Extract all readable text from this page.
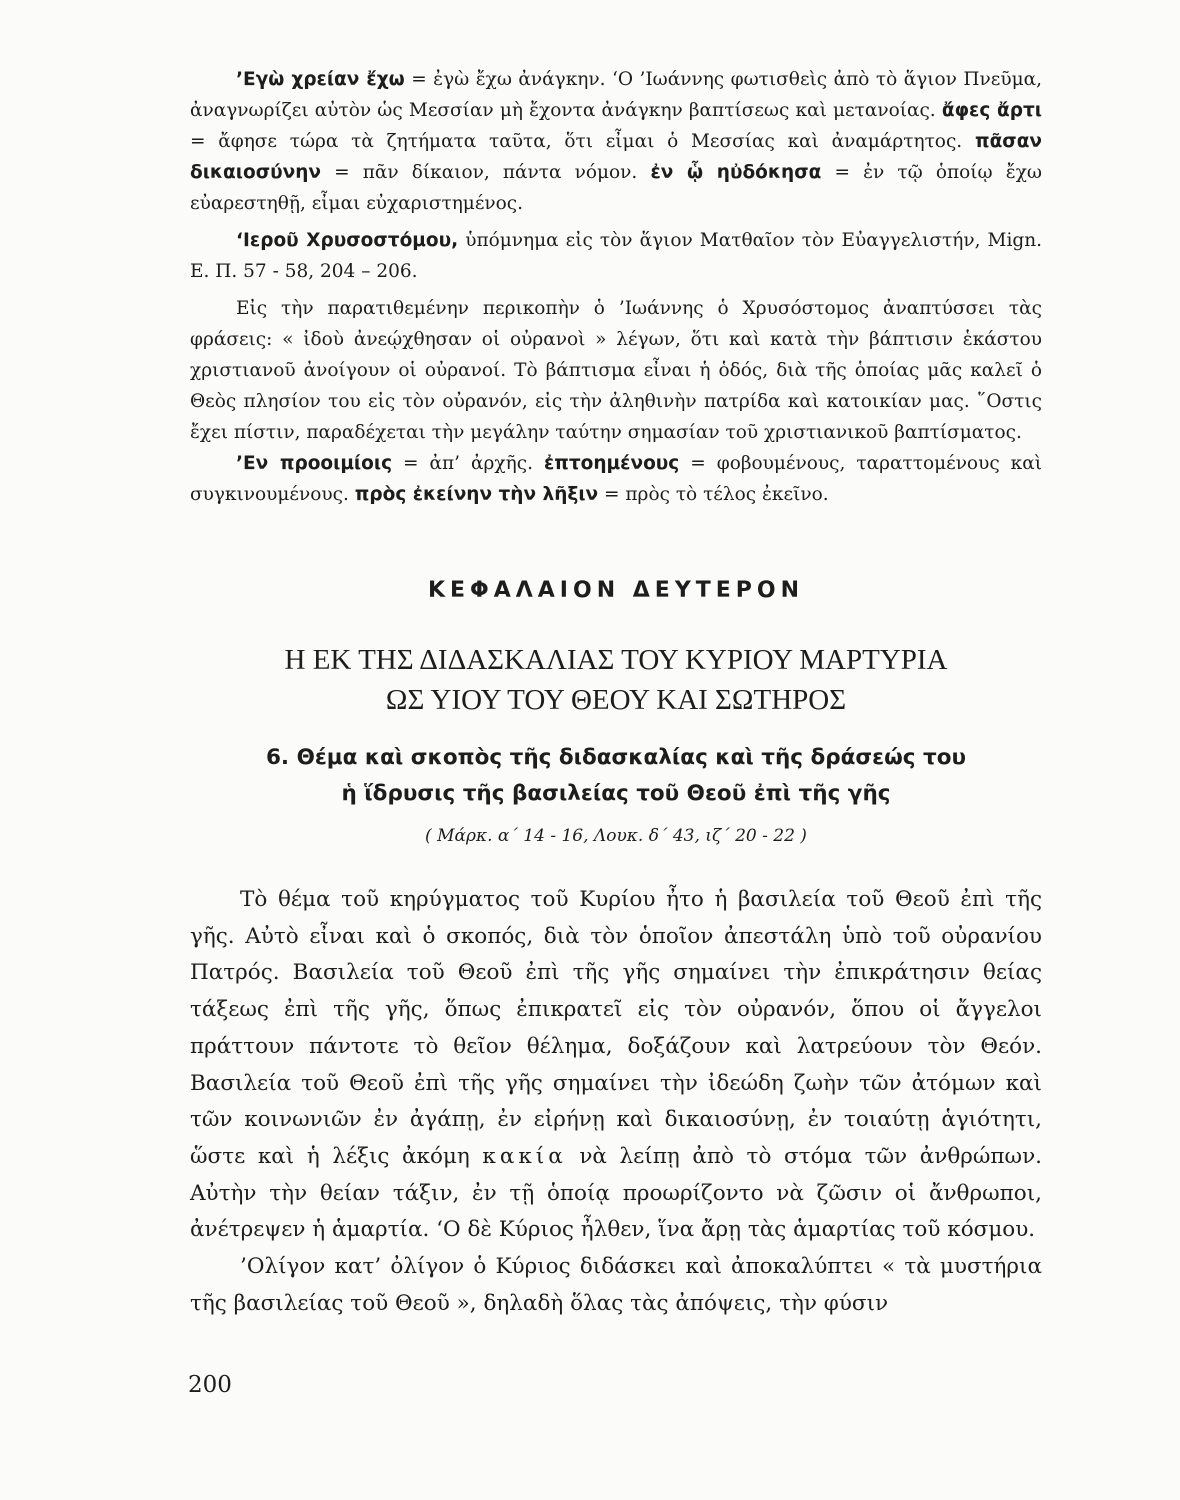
’Εγὼ χρείαν ἔχω = ἐγὼ ἔχω ἀνάγκην. ‘Ο ’Ιωάννης φωτισθεὶς ἀπὸ τὸ ἅγιον Πνεῦμα, ἀναγνωρίζει αὐτὸν ὡς Μεσσίαν μὴ ἔχοντα ἀνάγκην βαπτίσεως καὶ μετανοίας. ἄφες ἄρτι = ἄφησε τώρα τὰ ζητήματα ταῦτα, ὅτι εἶμαι ὁ Μεσσίας καὶ ἀναμάρτητος. πᾶσαν δικαιοσύνην = πᾶν δίκαιον, πάντα νόμον. ἐν ᾧ ηὐδόκησα = ἐν τῷ ὁποίῳ ἔχω εὐαρεστηθῇ, εἶμαι εὐχαριστημένος.

‘Ιεροῦ Χρυσοστόμου, ὑπόμνημα εἰς τὸν ἅγιον Ματθαῖον τὸν Εὐαγγελιστήν, Mign. E. Π. 57 - 58, 204 – 206.

Εἰς τὴν παρατιθεμένην περικοπὴν ὁ ’Ιωάννης ὁ Χρυσόστομος ἀναπτύσσει τὰς φράσεις: « ἰδοὺ ἀνεῴχθησαν οἱ οὐρανοὶ » λέγων, ὅτι καὶ κατὰ τὴν βάπτισιν ἑκάστου χριστιανοῦ ἀνοίγουν οἱ οὐρανοί. Τὸ βάπτισμα εἶναι ἡ ὁδός, διὰ τῆς ὁποίας μᾶς καλεῖ ὁ Θεὸς πλησίον του εἰς τὸν οὐρανόν, εἰς τὴν ἀληθινὴν πατρίδα καὶ κατοικίαν μας. ῞Οστις ἔχει πίστιν, παραδέχεται τὴν μεγάλην ταύτην σημασίαν τοῦ χριστιανικοῦ βαπτίσματος.

’Εν προοιμίοις = ἀπ’ ἀρχῆς. ἐπτοημένους = φοβουμένους, ταραττομένους καὶ συγκινουμένους. πρὸς ἐκείνην τὴν λῆξιν = πρὸς τὸ τέλος ἐκεῖνο.

ΚΕΦΑΛΑΙΟΝ ΔΕΥΤΕΡΟΝ
Η ΕΚ ΤΗΣ ΔΙΔΑΣΚΑΛΙΑΣ ΤΟΥ ΚΥΡΙΟΥ ΜΑΡΤΥΡΙΑ
ΩΣ ΥΙΟΥ ΤΟΥ ΘΕΟΥ ΚΑΙ ΣΩΤΗΡΟΣ
6. Θέμα καὶ σκοπὸς τῆς διδασκαλίας καὶ τῆς δράσεώς του
ἡ ἵδρυσις τῆς βασιλείας τοῦ Θεοῦ ἐπὶ τῆς γῆς

( Μάρκ. α΄ 14 - 16, Λουκ. δ΄ 43, ιζ΄ 20 - 22 )

Τὸ θέμα τοῦ κηρύγματος τοῦ Κυρίου ἦτο ἡ βασιλεία τοῦ Θεοῦ ἐπὶ τῆς γῆς. Αὐτὸ εἶναι καὶ ὁ σκοπός, διὰ τὸν ὁποῖον ἀπεστάλη ὑπὸ τοῦ οὐρανίου Πατρός. Βασιλεία τοῦ Θεοῦ ἐπὶ τῆς γῆς σημαίνει τὴν ἐπικράτησιν θείας τάξεως ἐπὶ τῆς γῆς, ὅπως ἐπικρατεῖ εἰς τὸν οὐρανόν, ὅπου οἱ ἄγγελοι πράττουν πάντοτε τὸ θεῖον θέλημα, δοξάζουν καὶ λατρεύουν τὸν Θεόν. Βασιλεία τοῦ Θεοῦ ἐπὶ τῆς γῆς σημαίνει τὴν ἰδεώδη ζωὴν τῶν ἀτόμων καὶ τῶν κοινωνιῶν ἐν ἀγάπῃ, ἐν εἰρήνῃ καὶ δικαιοσύνῃ, ἐν τοιαύτῃ ἁγιότητι, ὥστε καὶ ἡ λέξις ἀκόμη κακία νὰ λείπῃ ἀπὸ τὸ στόμα τῶν ἀνθρώπων. Αὐτὴν τὴν θείαν τάξιν, ἐν τῇ ὁποίᾳ προωρίζοντο νὰ ζῶσιν οἱ ἄνθρωποι, ἀνέτρεψεν ἡ ἁμαρτία. ‘Ο δὲ Κύριος ἦλθεν, ἵνα ἄρῃ τὰς ἁμαρτίας τοῦ κόσμου.

’Ολίγον κατ’ ὀλίγον ὁ Κύριος διδάσκει καὶ ἀποκαλύπτει « τὰ μυστήρια τῆς βασιλείας τοῦ Θεοῦ », δηλαδὴ ὅλας τὰς ἀπόψεις, τὴν φύσιν

200
